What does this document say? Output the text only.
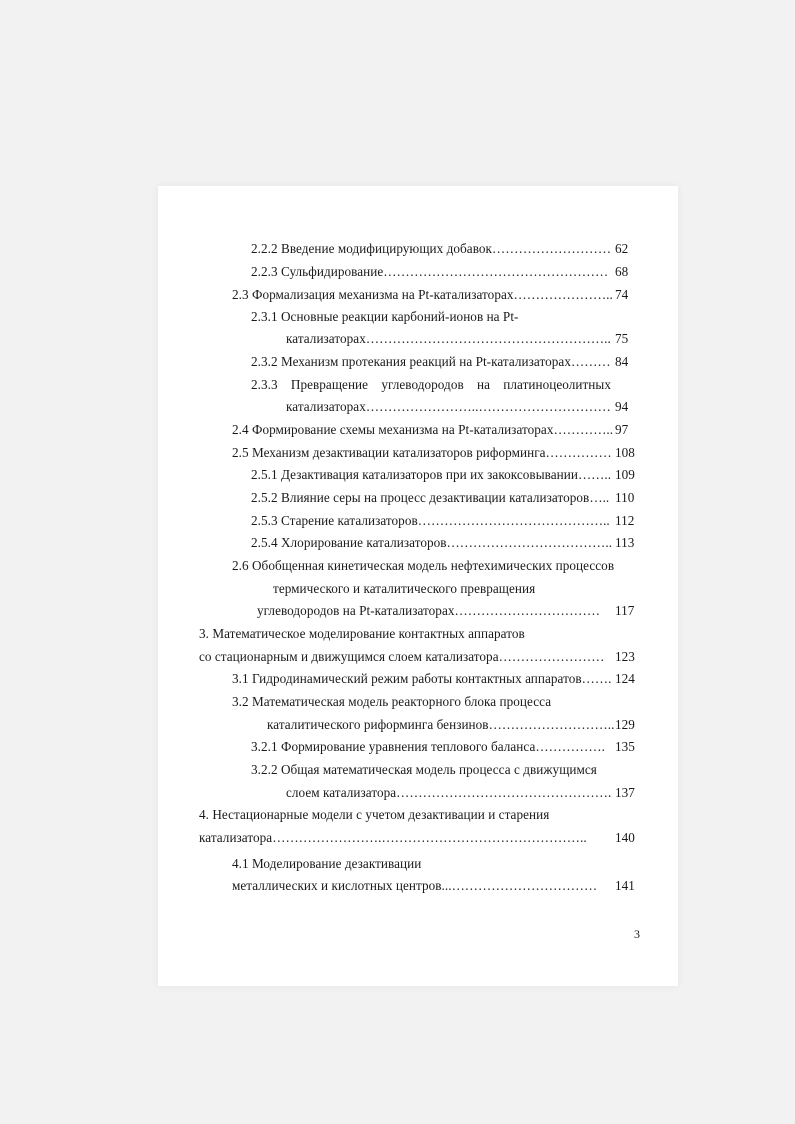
2.2.2 Введение модифицирующих добавок……………………… 62
2.2.3 Сульфидирование…………………………………………… 68
2.3 Формализация механизма на Pt-катализаторах………………….. 74
2.3.1 Основные реакции карбоний-ионов на Pt-
катализаторах……………………………………………….. 75
2.3.2 Механизм протекания реакций на Pt-катализаторах……… 84
2.3.3 Превращение углеводородов на платиноцеолитных
катализаторах……………………..………………………… 94
2.4 Формирование схемы механизма на Pt-катализаторах………….. 97
2.5 Механизм дезактивации катализаторов риформинга…………… 108
2.5.1 Дезактивация катализаторов при их закоксовывании…….. 109
2.5.2 Влияние серы на процесс дезактивации катализаторов….. 110
2.5.3 Старение катализаторов…………………………………….. 112
2.5.4 Хлорирование катализаторов……………………………….. 113
2.6 Обобщенная кинетическая модель нефтехимических процессов
термического и каталитического превращения
углеводородов на Pt-катализаторах…………………………… 117
3. Математическое моделирование контактных аппаратов
со стационарным и движущимся слоем катализатора…………………… 123
3.1 Гидродинамический режим работы контактных аппаратов……. 124
3.2 Математическая модель реакторного блока процесса
каталитического риформинга бензинов……………………….. 129
3.2.1 Формирование уравнения теплового баланса……………. 135
3.2.2 Общая математическая модель процесса с движущимся
слоем катализатора…………………………………………. 137
4. Нестационарные модели с учетом дезактивации и старения
катализатора…………………….……………………………………….. 140
4.1 Моделирование дезактивации
металлических и кислотных центров...…………………………… 141
3
